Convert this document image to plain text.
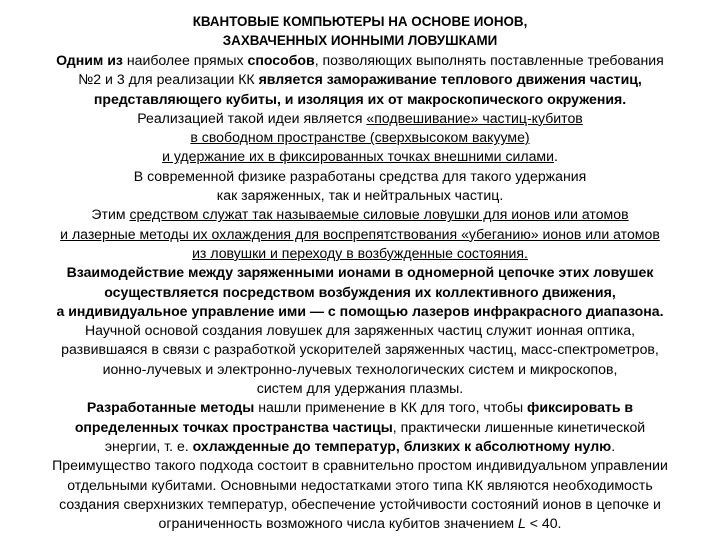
КВАНТОВЫЕ КОМПЬЮТЕРЫ НА ОСНОВЕ ИОНОВ,
ЗАХВАЧЕННЫХ ИОННЫМИ ЛОВУШКАМИ
Одним из наиболее прямых способов, позволяющих выполнять поставленные требования
№2 и 3 для реализации КК является замораживание теплового движения частиц,
представляющего кубиты, и изоляция их от макроскопического окружения.
Реализацией такой идеи является «подвешивание» частиц-кубитов
в свободном пространстве (сверхвысоком вакууме)
и удержание их в фиксированных точках внешними силами.
В современной физике разработаны средства для такого удержания
как заряженных, так и нейтральных частиц.
Этим средством служат так называемые силовые ловушки для ионов или атомов
и лазерные методы их охлаждения для воспрепятствования «убеганию» ионов или атомов
из ловушки и переходу в возбужденные состояния.
Взаимодействие между заряженными ионами в одномерной цепочке этих ловушек
осуществляется посредством возбуждения их коллективного движения,
а индивидуальное управление ими — с помощью лазеров инфракрасного диапазона.
Научной основой создания ловушек для заряженных частиц служит ионная оптика,
развившаяся в связи с разработкой ускорителей заряженных частиц, масс-спектрометров,
ионно-лучевых и электронно-лучевых технологических систем и микроскопов,
систем для удержания плазмы.
Разработанные методы нашли применение в КК для того, чтобы фиксировать в
определенных точках пространства частицы, практически лишенные кинетической
энергии, т. е. охлажденные до температур, близких к абсолютному нулю.
Преимущество такого подхода состоит в сравнительно простом индивидуальном управлении
отдельными кубитами. Основными недостатками этого типа КК являются необходимость
создания сверхнизких температур, обеспечение устойчивости состояний ионов в цепочке и
ограниченность возможного числа кубитов значением L < 40.
